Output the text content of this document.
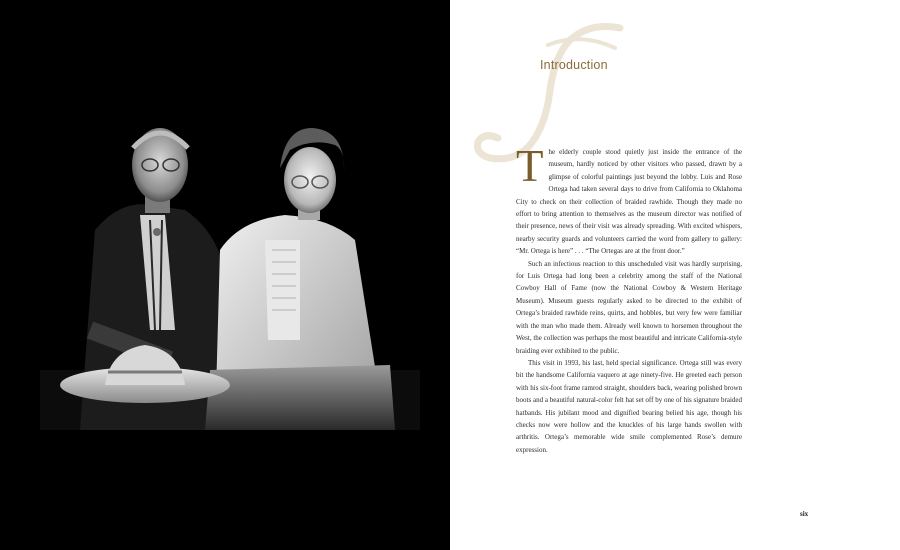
Introduction

The elderly couple stood quietly just inside the entrance of the museum, hardly noticed by other visitors who passed, drawn by a glimpse of colorful paintings just beyond the lobby. Luis and Rose Ortega had taken several days to drive from California to Oklahoma City to check on their collection of braided rawhide. Though they made no effort to bring attention to themselves as the museum director was notified of their presence, news of their visit was already spreading. With excited whispers, nearby security guards and volunteers carried the word from gallery to gallery: “Mr. Ortega is here” . . . “The Ortegas are at the front door.”

Such an infectious reaction to this unscheduled visit was hardly surprising, for Luis Ortega had long been a celebrity among the staff of the National Cowboy Hall of Fame (now the National Cowboy & Western Heritage Museum). Museum guests regularly asked to be directed to the exhibit of Ortega’s braided rawhide reins, quirts, and hobbles, but very few were familiar with the man who made them. Already well known to horsemen throughout the West, the collection was perhaps the most beautiful and intricate California-style braiding ever exhibited to the public.

This visit in 1993, his last, held special significance. Ortega still was every bit the handsome California vaquero at age ninety-five. He greeted each person with his six-foot frame ramrod straight, shoulders back, wearing polished brown boots and a beautiful natural-color felt hat set off by one of his signature braided hatbands. His jubilant mood and dignified bearing belied his age, though his checks now were hollow and the knuckles of his large hands swollen with arthritis. Ortega’s memorable wide smile complemented Rose’s demure expression.

six
